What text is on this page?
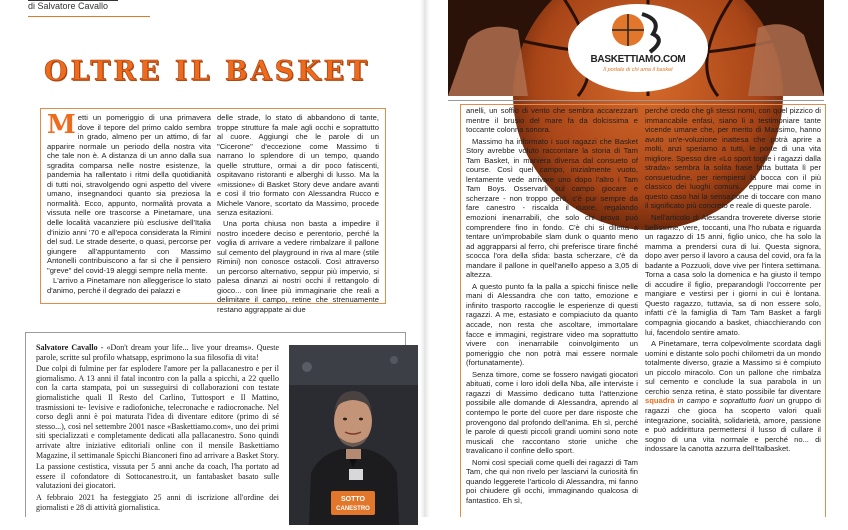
di Salvatore Cavallo
OLTRE IL BASKET

Metti un pomeriggio di una primavera dove il tepore del primo caldo sembra in grado, almeno per un attimo, di far apparire normale un periodo della nostra vita che tale non è. A distanza di un anno dalla sua sgradita comparsa nelle nostre esistenze, la pandemia ha rallentato i ritmi della quotidianità di tutti noi, stravolgendo ogni aspetto del vivere umano, insegnandoci quanto sia preziosa la normalità. Ecco, appunto, normalità provata a vissuta nelle ore trascorse a Pinetamare, una delle località vacanziere più esclusive dell'Italia d'inizio anni '70 e all'epoca considerata la Rimini del sud. Le strade deserte, o quasi, percorse per giungere all'appuntamento con Massimo Antonelli contribuiscono a far sì che il pensiero "greve" del covid-19 aleggi sempre nella mente.

L'arrivo a Pinetamare non alleggerisce lo stato d'animo, perché il degrado dei palazzi e

delle strade, lo stato di abbandono di tante, troppe strutture fa male agli occhi e soprattutto al cuore. Aggiungi che le parole di un "Cicerone" d'eccezione come Massimo ti narrano lo splendore di un tempo, quando quelle strutture, ormai a dir poco fatiscenti, ospitavano ristoranti e alberghi di lusso. Ma la «missione» di Basket Story deve andare avanti e così il trio formato con Alessandra Rucco e Michele Vanore, scortato da Massimo, procede senza esitazioni.

Una porta chiusa non basta a impedire il nostro incedere deciso e perentorio, perché la voglia di arrivare a vedere rimbalzare il pallone sul cemento del playground in riva al mare (stile Rimini) non conosce ostacoli. Così attraverso un percorso alternativo, seppur più impervio, si palesa dinanzi ai nostri occhi il rettangolo di gioco... con linee più immaginarie che reali a delimitare il campo, retine che strenuamente restano aggrappate ai due

Salvatore Cavallo - «Don't dream your life... live your dreams». Queste parole, scritte sul profilo whatsapp, esprimono la sua filosofia di vita!

Due colpi di fulmine per far esplodere l'amore per la pallacanestro e per il giornalismo. A 13 anni il fatal incontro con la palla a spicchi, a 22 quello con la carta stampata, poi un susseguirsi di collaborazioni con testate giornalistiche quali Il Resto del Carlino, Tuttosport e Il Mattino, trasmissioni te- levisive e radiofoniche, telecronache e radiocronache. Nel corso degli anni è poi maturata l'idea di diventare editore (primo di sé stesso...), così nel settembre 2001 nasce «Baskettiamo.com», uno dei primi siti specializzati e completamente dedicati alla pallacanestro. Sono quindi arrivate altre iniziative editoriali online con il mensile Baskettiamo Magazine, il settimanale Spicchi Bianconeri fino ad arrivare a Basket Story.

La passione cestistica, vissuta per 5 anni anche da coach, l'ha portato ad essere il cofondatore di Sottocanestro.it, un fantabasket basato sulle valutazioni dei giocatori.

A febbraio 2021 ha festeggiato 25 anni di iscrizione all'ordine dei giornalisti e 28 di attività giornalistica.

SOTTO
CANESTRO
BASKETTIAMO.COM
Il portale di chi ama il basket

anelli, un soffio di vento che sembra accarezzarti mentre il brusio del mare fa da dolcissima e toccante colonna sonora.

Massimo ha informato i suoi ragazzi che Basket Story avrebbe voluto raccontare la storia di Tam Tam Basket, in maniera diversa dal consueto of course. Così quel campo, inizialmente vuoto, lentamente vede arrivare uno dopo l'altro i Tam Tam Boys. Osservarli sul campo giocare e scherzare - non troppo però, c'è pur sempre da fare canestro - riscalda il cuore, regalando emozioni inenarrabili, che solo chi prova può comprendere fino in fondo. C'è chi si diletta a tentare un'improbabile slam dunk o quanto meno ad aggrapparsi al ferro, chi preferisce tirare finché scocca l'ora della sfida: basta scherzare, c'è da mandare il pallone in quell'anello appeso a 3,05 di altezza.

A questo punto fa la palla a spicchi finisce nelle mani di Alessandra che con tatto, emozione e infinito trasporto raccoglie le esperienze di questi ragazzi. A me, estasiato e compiaciuto da quanto accade, non resta che ascoltare, immortalare facce e immagini, registrare video ma soprattutto vivere con inenarrabile coinvolgimento un pomeriggio che non potrà mai essere normale (fortunatamente).

Senza timore, come se fossero navigati giocatori abituati, come i loro idoli della Nba, alle interviste i ragazzi di Massimo dedicano tutta l'attenzione possibile alle domande di Alessandra, aprendo al contempo le porte del cuore per dare risposte che provengono dal profondo dell'anima. Eh sì, perché le parole di questi piccoli grandi uomini sono note musicali che raccontano storie uniche che travalicano il confine dello sport.

Nomi così speciali come quelli dei ragazzi di Tam Tam, che qui non rivelo per lasciarvi la curiosità fin quando leggerete l'articolo di Alessandra, mi fanno poi chiudere gli occhi, immaginando qualcosa di fantastico. Eh sì,

perché credo che gli stessi nomi, con quel pizzico di immancabile enfasi, siano li a testimoniare tante vicende umane che, per merito di Massimo, hanno avuto un'e-voluzione inattesa che potrà aprire a molti, anzi speriamo a tutti, le porte di una vita migliore. Spesso dire «Lo sport toglie i ragazzi dalla strada» sembra la solita frase fatta buttata lì per consuetudine, per riempiersi la bocca con il più classico dei luoghi comuni... eppure mai come in questo caso hai la sensazione di toccare con mano il significato più concreto e reale di queste parole.

Nell'articolo di Alessandra troverete diverse storie bellissime, vere, toccanti, una l'ho rubata e riguarda un ragazzo di 15 anni, figlio unico, che ha solo la mamma a prendersi cura di lui. Questa signora, dopo aver perso il lavoro a causa del covid, ora fa la badante a Pozzuoli, dove vive per l'intera settimana. Torna a casa solo la domenica e ha giusto il tempo di accudire il figlio, preparandogli l'occorrente per mangiare e vestirsi per i giorni in cui è lontana. Questo ragazzo, tuttavia, sa di non essere solo, infatti c'è la famiglia di Tam Tam Basket a fargli compagnia giocando a basket, chiacchierando con lui, facendolo sentire amato.

A Pinetamare, terra colpevolmente scordata dagli uomini e distante solo pochi chilometri da un mondo totalmente diverso, grazie a Massimo si è compiuto un piccolo miracolo. Con un pallone che rimbalza sul cemento e conclude la sua parabola in un cerchio senza retina, è stato possibile far diventare squadra in campo e soprattutto fuori un gruppo di ragazzi che gioca ha scoperto valori quali integrazione, socialità, solidarietà, amore, passione e può addirittura permettersi il lusso di cullare il sogno di una vita normale e perché no... di indossare la canotta azzurra dell'Italbasket.
